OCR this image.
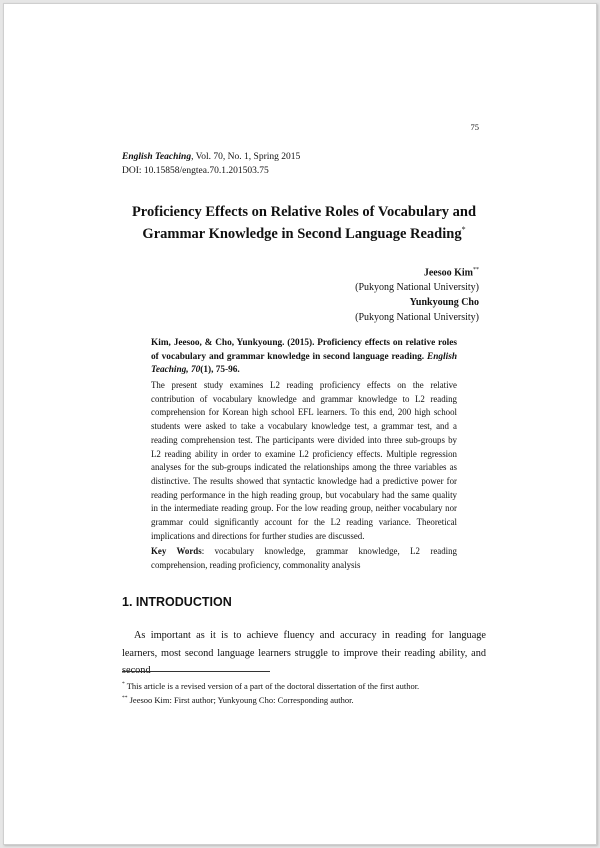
75
English Teaching, Vol. 70, No. 1, Spring 2015
DOI: 10.15858/engtea.70.1.201503.75
Proficiency Effects on Relative Roles of Vocabulary and
Grammar Knowledge in Second Language Reading*
Jeesoo Kim**
(Pukyong National University)
Yunkyoung Cho
(Pukyong National University)
Kim, Jeesoo, & Cho, Yunkyoung. (2015). Proficiency effects on relative roles of vocabulary and grammar knowledge in second language reading. English Teaching, 70(1), 75-96.
The present study examines L2 reading proficiency effects on the relative contribution of vocabulary knowledge and grammar knowledge to L2 reading comprehension for Korean high school EFL learners. To this end, 200 high school students were asked to take a vocabulary knowledge test, a grammar test, and a reading comprehension test. The participants were divided into three sub-groups by L2 reading ability in order to examine L2 proficiency effects. Multiple regression analyses for the sub-groups indicated the relationships among the three variables as distinctive. The results showed that syntactic knowledge had a predictive power for reading performance in the high reading group, but vocabulary had the same quality in the intermediate reading group. For the low reading group, neither vocabulary nor grammar could significantly account for the L2 reading variance. Theoretical implications and directions for further studies are discussed.
Key Words: vocabulary knowledge, grammar knowledge, L2 reading comprehension, reading proficiency, commonality analysis
1. INTRODUCTION
As important as it is to achieve fluency and accuracy in reading for language learners, most second language learners struggle to improve their reading ability, and second
* This article is a revised version of a part of the doctoral dissertation of the first author.
** Jeesoo Kim: First author; Yunkyoung Cho: Corresponding author.
